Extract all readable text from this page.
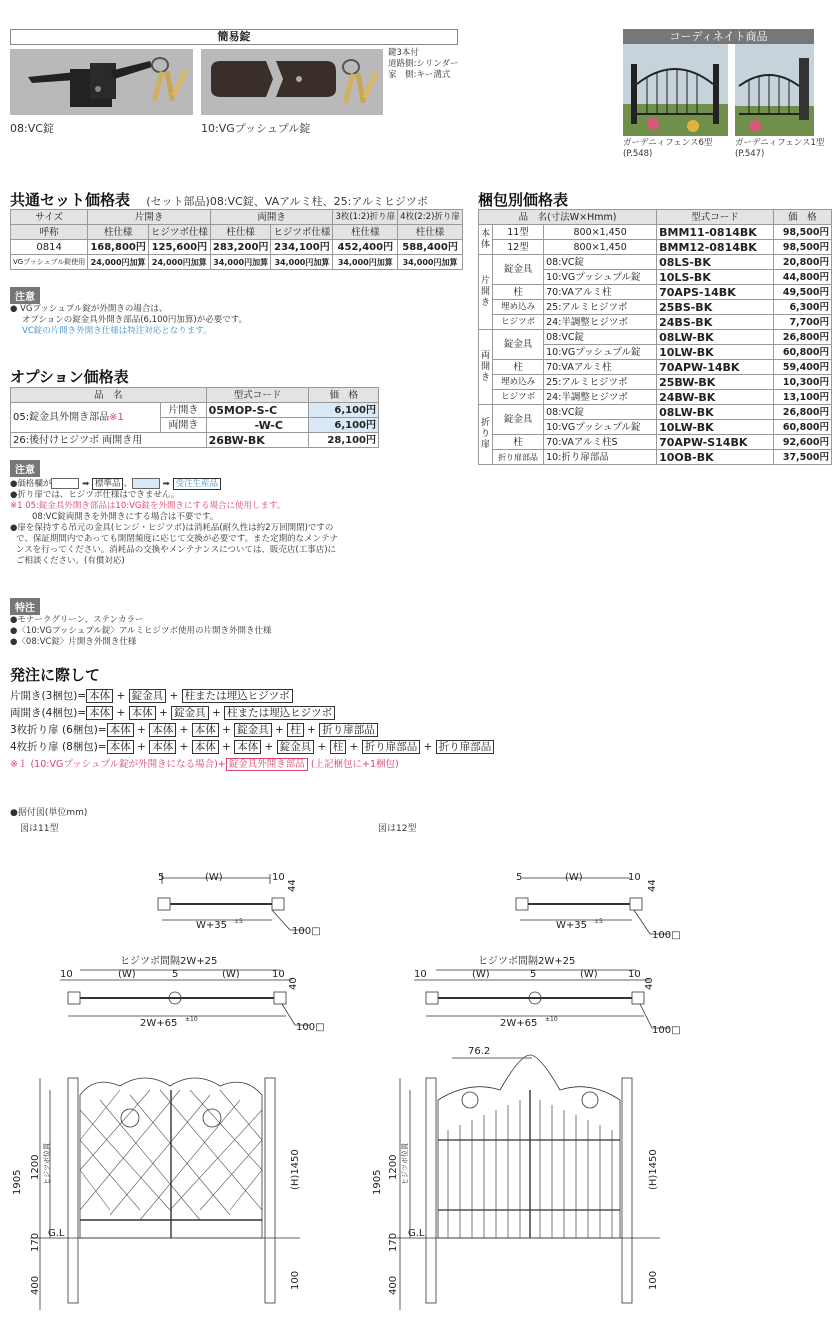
簡易錠
鍵3本付
道路側:シリンダー
家　側:キー溝式
08:VC錠	10:VGプッシュプル錠
コーディネイト商品
ガーデニィフェンス6型
(P.548)
ガーデニィフェンス1型
(P.547)
共通セット価格表 　(セット部品)08:VC錠、VAアルミ柱、25:アルミヒジツボ
サイズ	片開き		両開き		3枚(1:2)折り扉	4枚(2:2)折り扉
呼称	柱仕様	ヒジツボ仕様	柱仕様	ヒジツボ仕様	柱仕様	柱仕様
0814	168,800円	125,600円	283,200円	234,100円	452,400円	588,400円
VGプッシュプル錠使用	24,000円加算	24,000円加算	34,000円加算	34,000円加算	34,000円加算	34,000円加算
注意
● VGプッシュプル錠が外開きの場合は、
オプションの錠金具外開き部品(6,100円加算)が必要です。
VC錠の片開き外開き仕様は特注対応となります。
オプション価格表
品　名		型式コード	価　格
05:錠金具外開き部品※1	片開き	05MOP-S-C	6,100円
	両開き	-W-C	6,100円
26:後付けヒジツボ 両開き用		26BW-BK	28,100円
注意
●価格欄が	➡ 標準品 、	➡ 受注生産品
●折り扉では、ヒジツボ仕様はできません。
※1 05:錠金具外開き部品は10:VG錠を外開きにする場合に使用します。
08:VC錠両開きを外開きにする場合は不要です。
●扉を保持する吊元の金具(ヒンジ・ヒジツボ)は消耗品(耐久性は約2万回開閉)ですの
で、保証期間内であっても開閉頻度に応じて交換が必要です。また定期的なメンテナ
ンスを行ってください。消耗品の交換やメンテナンスについては、販売店(工事店)に
ご相談ください。(有償対応)
特注
●モナークグリーン、ステンカラー
●〈10:VGプッシュプル錠〉アルミヒジツボ使用の片開き外開き仕様
●〈08:VC錠〉片開き外開き仕様
発注に際して
片開き(3梱包)= 本体 + 錠金具 + 柱または埋込ヒジツボ
両開き(4梱包)= 本体 + 本体 + 錠金具 + 柱または埋込ヒジツボ
3枚折り扉 (6梱包)= 本体 + 本体 + 本体 + 錠金具 + 柱 + 折り扉部品
4枚折り扉 (8梱包)= 本体 + 本体 + 本体 + 本体 + 錠金具 + 柱 + 折り扉部品 + 折り扉部品
※１ (10:VGプッシュプル錠が外開きになる場合)+ 錠金具外開き部品 (上記梱包に+1梱包)
梱包別価格表
品　名(寸法W×Hmm)			型式コード	価　格
本体	11型	800×1,450	BMM11-0814BK	98,500円
	12型	800×1,450	BMM12-0814BK	98,500円
片開き	錠金具	08:VC錠	08LS-BK	20,800円
		10:VGプッシュプル錠	10LS-BK	44,800円
	柱	70:VAアルミ柱	70APS-14BK	49,500円
	埋め込み	25:アルミヒジツボ	25BS-BK	6,300円
	ヒジツボ	24:半調整ヒジツボ	24BS-BK	7,700円
両開き	錠金具	08:VC錠	08LW-BK	26,800円
		10:VGプッシュプル錠	10LW-BK	60,800円
	柱	70:VAアルミ柱	70APW-14BK	59,400円
	埋め込み	25:アルミヒジツボ	25BW-BK	10,300円
	ヒジツボ	24:半調整ヒジツボ	24BW-BK	13,100円
折り扉	錠金具	08:VC錠	08LW-BK	26,800円
		10:VGプッシュプル錠	10LW-BK	60,800円
	柱	70:VAアルミ柱S	70APW-S14BK	92,600円
	折り扉部品	10:折り扉部品	10OB-BK	37,500円
●据付図(単位mm)
図は11型	図は12型
5	(W)	10
44
W+35 ±5
100□
ヒジツボ間隔2W+25
10	(W)	5	(W)	10
40
2W+65 ±10
100□
5	(W)	10
44
W+35 ±5
100□
ヒジツボ間隔2W+25
10	(W)	5	(W)	10
40
2W+65 ±10
100□
1905
1200 ヒジツボ位置
170
400
G.L
(H)1450
100
76.2
1905
1200 ヒジツボ位置
170
400
G.L
(H)1450
100
